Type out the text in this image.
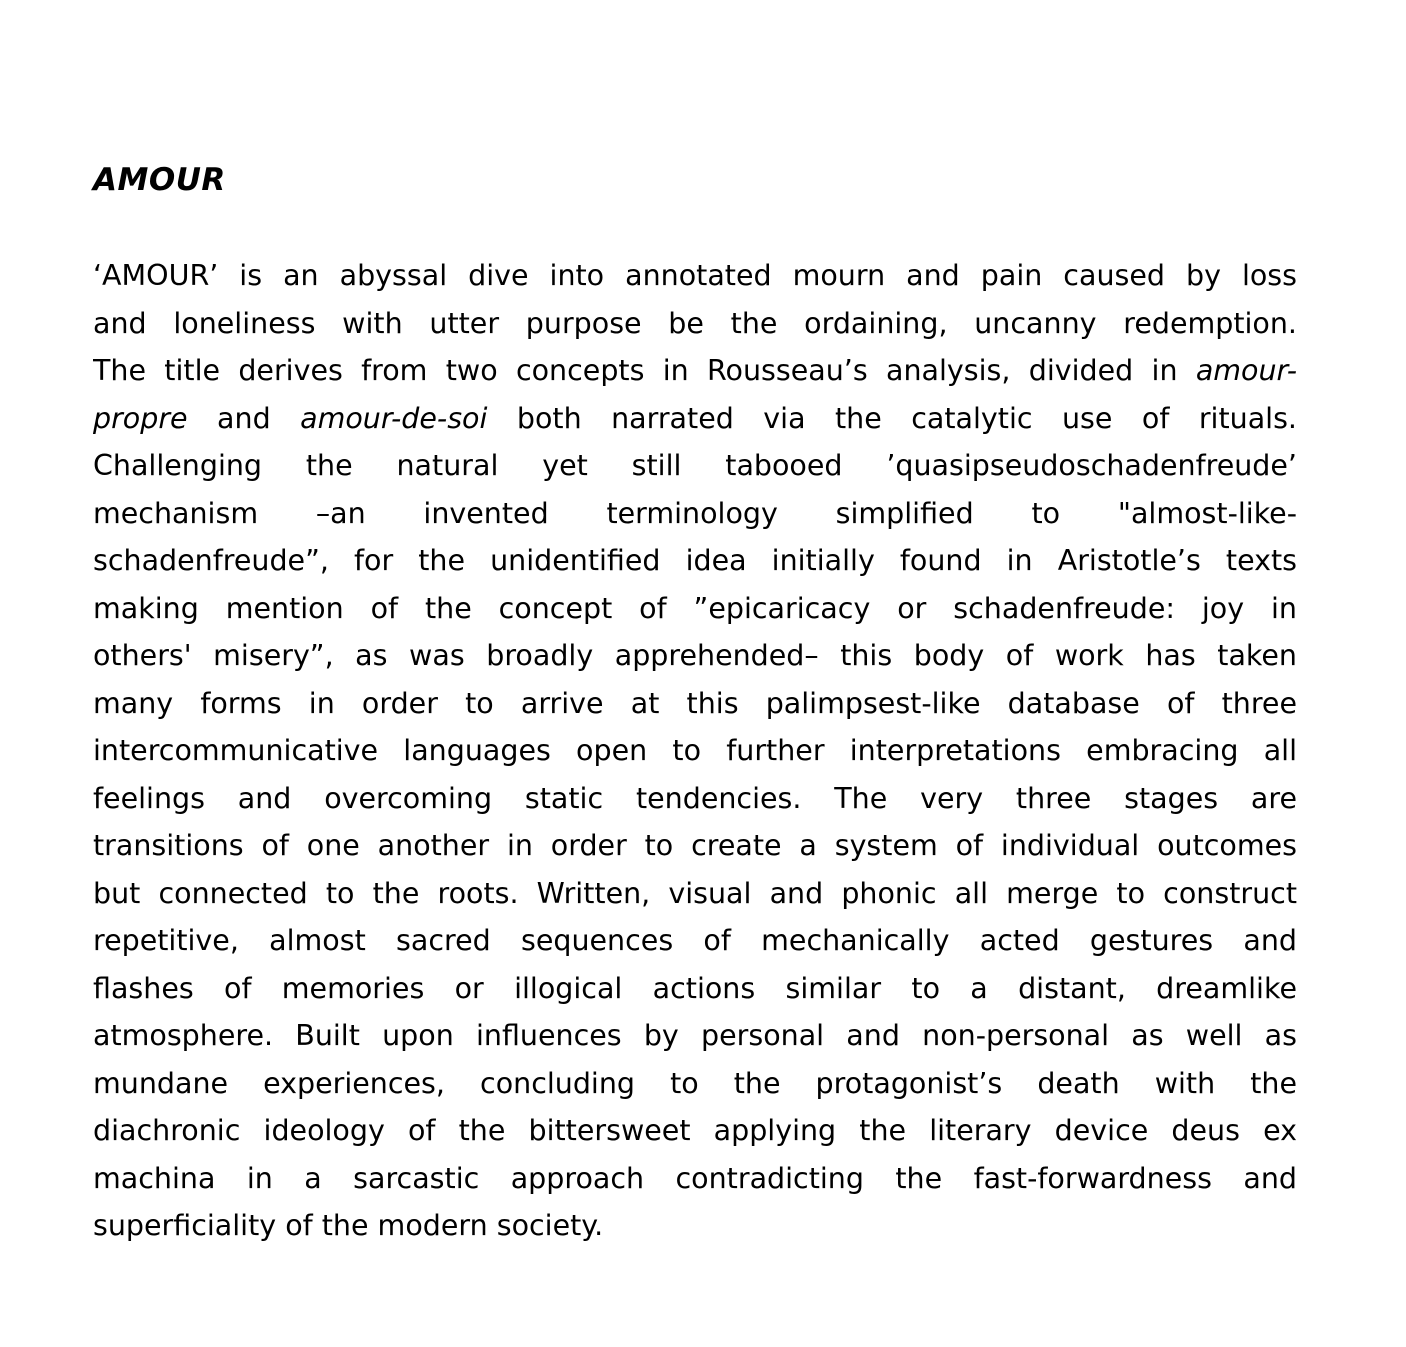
AMOUR
‘AMOUR’ is an abyssal dive into annotated mourn and pain caused by loss
and loneliness with utter purpose be the ordaining, uncanny redemption.
The title derives from two concepts in Rousseau’s analysis, divided in amour-
propre and amour-de-soi both narrated via the catalytic use of rituals.
Challenging the natural yet still tabooed ’quasipseudoschadenfreude’
mechanism –an invented terminology simplified to "almost-like-
schadenfreude”, for the unidentified idea initially found in Aristotle’s texts
making mention of the concept of ”epicaricacy or schadenfreude: joy in
others' misery”, as was broadly apprehended– this body of work has taken
many forms in order to arrive at this palimpsest-like database of three
intercommunicative languages open to further interpretations embracing all
feelings and overcoming static tendencies. The very three stages are
transitions of one another in order to create a system of individual outcomes
but connected to the roots. Written, visual and phonic all merge to construct
repetitive, almost sacred sequences of mechanically acted gestures and
flashes of memories or illogical actions similar to a distant, dreamlike
atmosphere. Built upon influences by personal and non-personal as well as
mundane experiences, concluding to the protagonist’s death with the
diachronic ideology of the bittersweet applying the literary device deus ex
machina in a sarcastic approach contradicting the fast-forwardness and
superficiality of the modern society.
